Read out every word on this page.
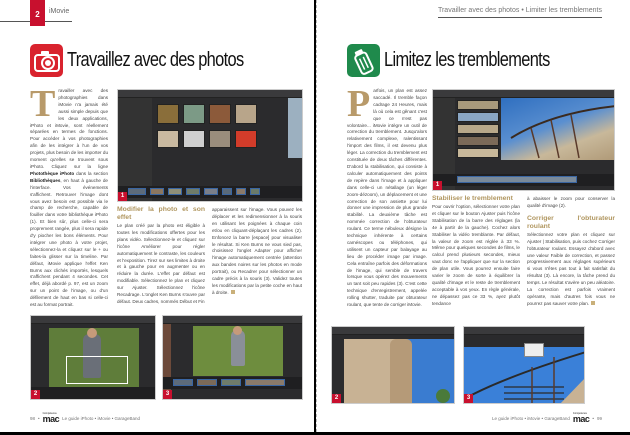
2	iMovie
Travaillez avec des photos
Travailler avec des photographies dans iMovie n'a jamais été aussi simple depuis que les deux applications, iPhoto et iMovie, sont réellement séparées en termes de fonctions. Pour accéder à vos photographies afin de les intégrer à l'un de vos projets, plus besoin de les importer du moment qu'elles se trouvent sous iPhoto. Cliquez sur la ligne Photothèque iPhoto dans la section Bibliothèques, en haut à gauche de l'interface. Vos événements s'affichent. Retrouver l'image dont vous avez besoin est possible via le champ de recherche, capable de fouiller dans votre bibliothèque iPhoto (1). Et bien sûr, plus celle-ci sera proprement rangée, plus il sera rapide d'y piocher les bons éléments. Pour intégrer une photo à votre projet, sélectionnez-la et cliquez sur le + ou faites-la glisser sur la timeline. Par défaut, iMovie applique l'effet Ken Burns aux clichés importés, lesquels s'affichent pendant 4 secondes. Cet effet, déjà abordé p. 97, est un zoom sur un point de l'image, ou d'un défilement de haut en bas si celle-ci est au format portrait.
1
Modifier la photo et son effet
Le plan créé par la photo est éligible à toutes les modifications offertes pour les plans vidéo. Sélectionnez-le et cliquez sur l'icône Améliorer pour régler automatiquement le contraste, les couleurs et l'exposition. Tirez sur ses limites à droite et à gauche pour en augmenter ou en réduire la durée. L'effet par défaut est modifiable. Sélectionnez le plan et cliquez sur Ajuster. Sélectionnez l'icône Recadrage. L'onglet Ken Burns s'ouvre par défaut. Deux cadres, nommés Début et Fin
apparaissent sur l'image. Vous pouvez les déplacer et les redimensionner à la souris en utilisant les poignées à chaque coin et/ou en cliquant-déplaçant les cadres (2). Enfoncez la barre [espace] pour visualiser le résultat. Si Ken Burns ne vous sied pas, choisissez l'onglet Adapter pour afficher l'image automatiquement centrée (attention aux bandes noires sur les photos en mode portrait), ou Recadrer pour sélectionner un cadre précis à la souris (3). Validez toutes les modifications par la petite coche en haut à droite.
2	3
98 •
Compétence
mac Le guide iPhoto • iMovie • GarageBand
Travailler avec des photos • Limiter les tremblements
Limitez les tremblements
Parfois, un plan est assez saccadé. Il tremble façon cadrage 24 Heures, mais là où cela est gênant c'est que ce n'est pas volontaire... iMovie intègre un outil de correction du tremblement. Jusqu'alors relativement complexe, ralentissant l'import des films, il est devenu plus léger. La correction du tremblement est constituée de deux tâches différentes. D'abord la stabilisation, qui consiste à calculer automatiquement des points de repère dans l'image et à appliquer dans celle-ci un nétallage (un léger zoom-dézoom), un déplacement et une correction de son assiette pour lui donner une impression de plus grande stabilité. La deuxième tâche est nommée correction de l'obturateur roulant. Ce terme nébuleux désigne la technique inhérente à certains caméscopes ou téléphones, qui utilisent un capteur par balayage au lieu de procéder image par image. Cela entraîne parfois des déformations de l'image, qui semble de travers lorsque vous opérez des mouvements un tant soit peu rapides (3). C'est cette technique d'enregistrement, appelée rolling shutter, traduite par obturateur roulant, que tente de corriger iMovie.
1
Stabiliser le tremblement
Pour ouvrir l'option, sélectionner votre plan et cliquer sur le bouton Ajuster puis l'icône Stabilisation de la barre des réglages (la 4e à partir de la gauche). Cochez alors Stabiliser la vidéo tremblante. Par défaut, la valeur de zoom est réglée à 33 %. Même pour quelques secondes de films, le calcul prend plusieurs secondes, mieux vaut donc ne l'appliquer que sur la section de plan utile. Vous pourrez ensuite faire varier le zoom de sorte à équilibrer la qualité d'image et le reste de tremblement acceptable à vos yeux. En règle générale, ne dépassez pas ce 33 %, ayez plutôt tendance
à abaisser le zoom pour conserver la qualité d'image (2).
Corriger l'obturateur roulant
Sélectionnez votre plan et cliquez sur Ajuster | Stabilisation, puis cochez Corriger l'obturateur roulant. Essayez d'abord avec une valeur Faible de correction, et passez progressivement aux réglages supérieurs si vous n'êtes pas tout à fait satisfait du résultat (3). Là encore, la tâche prend du temps. Le résultat s'avère un peu aléatoire. La correction est parfois vraiment opérante, mais d'autres fois vous ne pourrez pas sauver votre plan.
2	3
Le guide iPhoto • iMovie • GarageBand
Compétence
mac • 99
